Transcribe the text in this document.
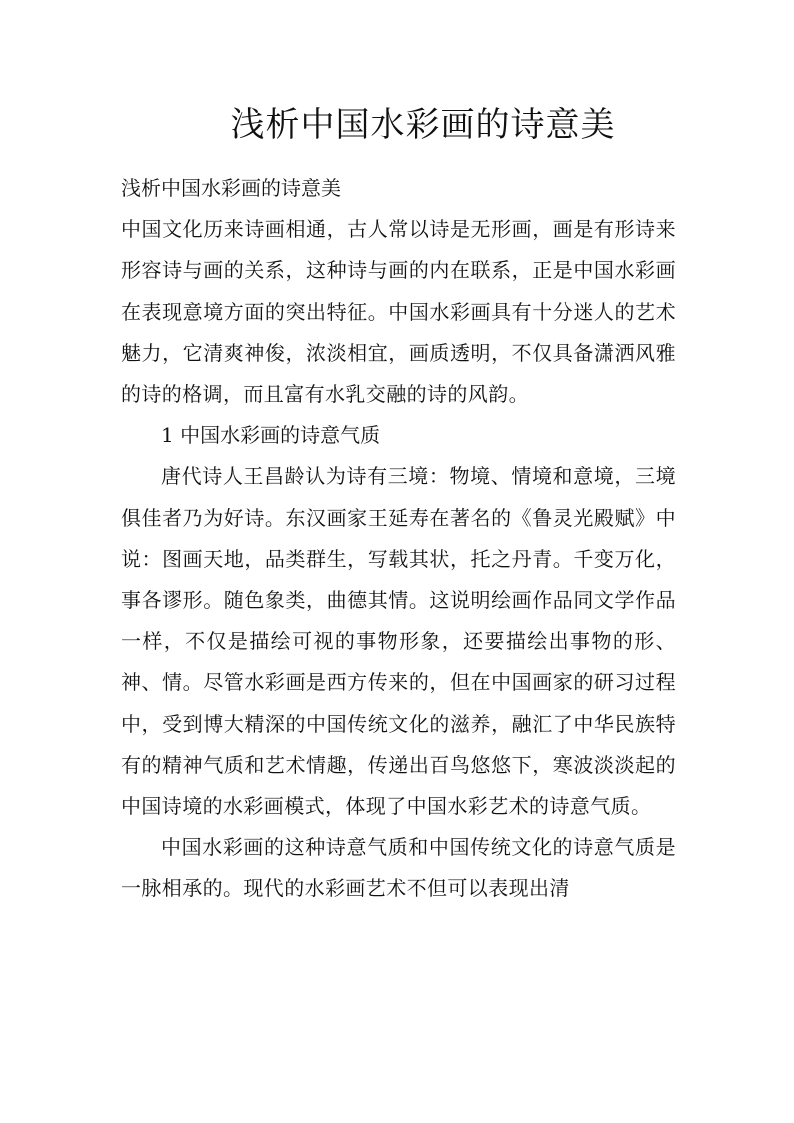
浅析中国水彩画的诗意美

浅析中国水彩画的诗意美

中国文化历来诗画相通，古人常以诗是无形画，画是有形诗来形容诗与画的关系，这种诗与画的内在联系，正是中国水彩画在表现意境方面的突出特征。中国水彩画具有十分迷人的艺术魅力，它清爽神俊，浓淡相宜，画质透明，不仅具备潇洒风雅的诗的格调，而且富有水乳交融的诗的风韵。

1 中国水彩画的诗意气质

唐代诗人王昌龄认为诗有三境：物境、情境和意境，三境俱佳者乃为好诗。东汉画家王延寿在著名的《鲁灵光殿赋》中说：图画天地，品类群生，写载其状，托之丹青。千变万化，事各谬形。随色象类，曲德其情。这说明绘画作品同文学作品一样，不仅是描绘可视的事物形象，还要描绘出事物的形、神、情。尽管水彩画是西方传来的，但在中国画家的研习过程中，受到博大精深的中国传统文化的滋养，融汇了中华民族特有的精神气质和艺术情趣，传递出百鸟悠悠下，寒波淡淡起的中国诗境的水彩画模式，体现了中国水彩艺术的诗意气质。

中国水彩画的这种诗意气质和中国传统文化的诗意气质是一脉相承的。现代的水彩画艺术不但可以表现出清
